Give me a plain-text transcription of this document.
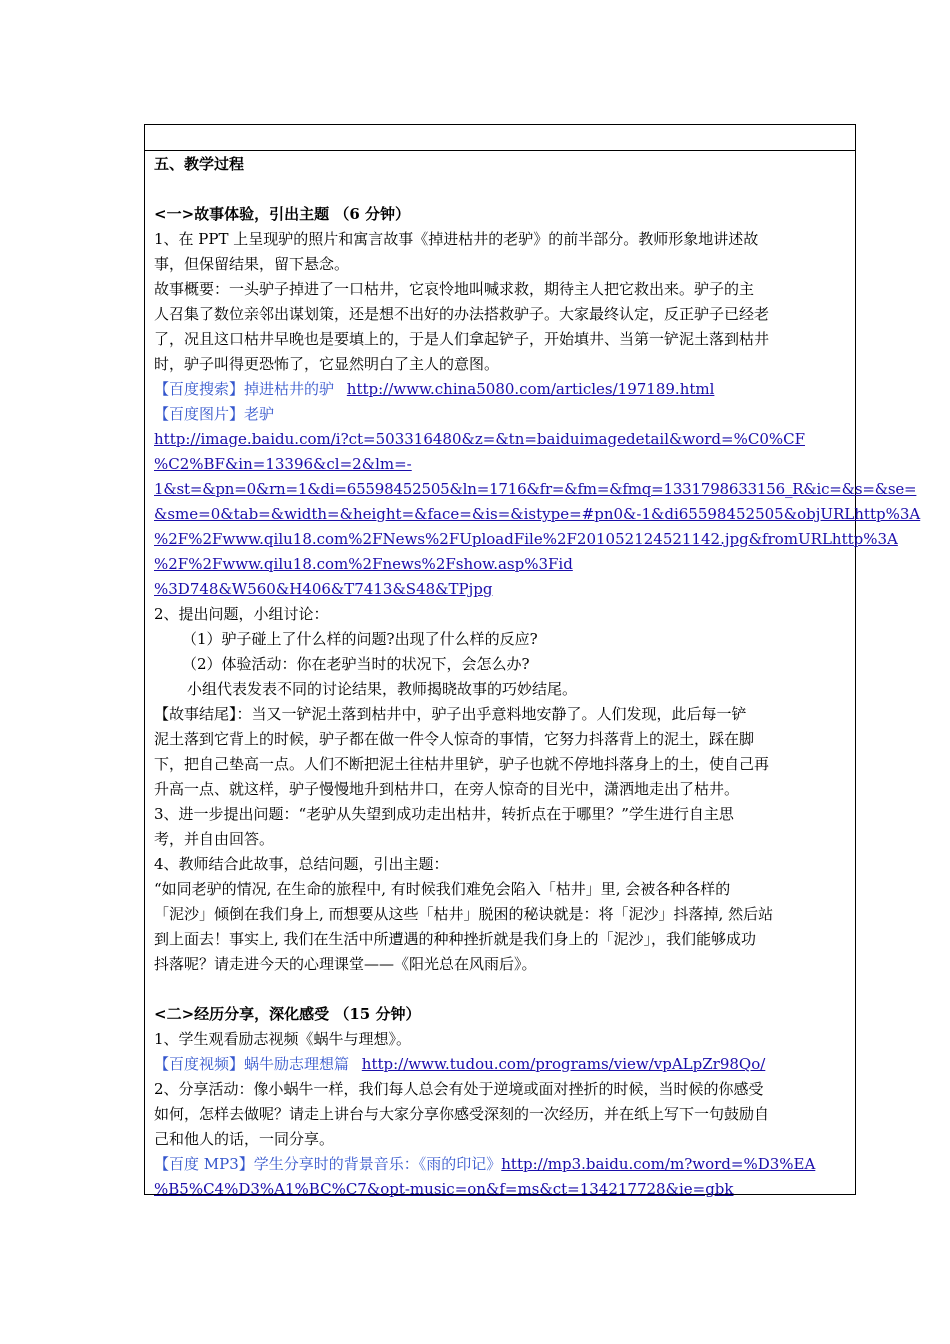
五、教学过程
<一>故事体验，引出主题 （6 分钟）
1、在 PPT 上呈现驴的照片和寓言故事《掉进枯井的老驴》的前半部分。教师形象地讲述故
事，但保留结果，留下悬念。
故事概要：一头驴子掉进了一口枯井，它哀怜地叫喊求救，期待主人把它救出来。驴子的主
人召集了数位亲邻出谋划策，还是想不出好的办法搭救驴子。大家最终认定，反正驴子已经老
了，况且这口枯井早晚也是要填上的，于是人们拿起铲子，开始填井、当第一铲泥土落到枯井
时，驴子叫得更恐怖了，它显然明白了主人的意图。
【百度搜索】掉进枯井的驴 http://www.china5080.com/articles/197189.html
【百度图片】老驴
http://image.baidu.com/i?ct=503316480&z=&tn=baiduimagedetail&word=%C0%CF
%C2%BF&in=13396&cl=2&lm=-
1&st=&pn=0&rn=1&di=65598452505&ln=1716&fr=&fm=&fmq=1331798633156_R&ic=&s=&se=
&sme=0&tab=&width=&height=&face=&is=&istype=#pn0&-1&di65598452505&objURLhttp%3A
%2F%2Fwww.qilu18.com%2FNews%2FUploadFile%2F201052124521142.jpg&fromURLhttp%3A
%2F%2Fwww.qilu18.com%2Fnews%2Fshow.asp%3Fid
%3D748&W560&H406&T7413&S48&TPjpg
2、提出问题，小组讨论：
（1）驴子碰上了什么样的问题?出现了什么样的反应?
（2）体验活动：你在老驴当时的状况下，会怎么办?
小组代表发表不同的讨论结果，教师揭晓故事的巧妙结尾。
【故事结尾】：当又一铲泥土落到枯井中，驴子出乎意料地安静了。人们发现，此后每一铲
泥土落到它背上的时候，驴子都在做一件令人惊奇的事情，它努力抖落背上的泥土，踩在脚
下，把自己垫高一点。人们不断把泥土往枯井里铲，驴子也就不停地抖落身上的土，使自己再
升高一点、就这样，驴子慢慢地升到枯井口，在旁人惊奇的目光中，潇洒地走出了枯井。
3、进一步提出问题：“老驴从失望到成功走出枯井，转折点在于哪里？”学生进行自主思
考，并自由回答。
4、教师结合此故事，总结问题，引出主题：
“如同老驴的情况, 在生命的旅程中, 有时候我们难免会陷入「枯井」里, 会被各种各样的
「泥沙」倾倒在我们身上, 而想要从这些「枯井」脱困的秘诀就是：将「泥沙」抖落掉, 然后站
到上面去！事实上, 我们在生活中所遭遇的种种挫折就是我们身上的「泥沙」，我们能够成功
抖落呢？请走进今天的心理课堂——《阳光总在风雨后》。
<二>经历分享，深化感受 （15 分钟）
1、学生观看励志视频《蜗牛与理想》。
【百度视频】蜗牛励志理想篇 http://www.tudou.com/programs/view/vpALpZr98Qo/
2、分享活动：像小蜗牛一样，我们每人总会有处于逆境或面对挫折的时候，当时候的你感受
如何，怎样去做呢？请走上讲台与大家分享你感受深刻的一次经历，并在纸上写下一句鼓励自
己和他人的话，一同分享。
【百度 MP3】学生分享时的背景音乐：《雨的印记》http://mp3.baidu.com/m?word=%D3%EA
%B5%C4%D3%A1%BC%C7&opt-music=on&f=ms&ct=134217728&ie=gbk
